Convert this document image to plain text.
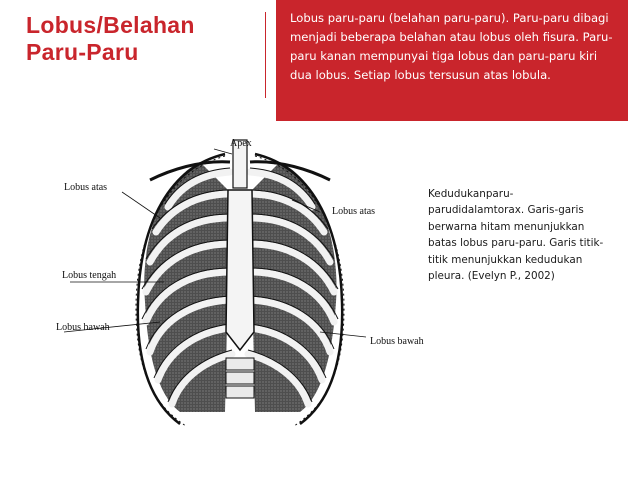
Lobus/Belahan
Paru-Paru

Lobus paru-paru (belahan paru-paru). Paru-paru dibagi menjadi beberapa belahan atau lobus oleh fisura. Paru-paru kanan mempunyai tiga lobus dan paru-paru kiri dua lobus. Setiap lobus tersusun atas lobula.

Apex
Lobus atas
Lobus atas
Lobus tengah
Lobus bawah
Lobus bawah

Kedudukanparu-parudidalamtorax. Garis-garis berwarna hitam menunjukkan batas lobus paru-paru. Garis titik-titik menunjukkan kedudukan pleura. (Evelyn P., 2002)
